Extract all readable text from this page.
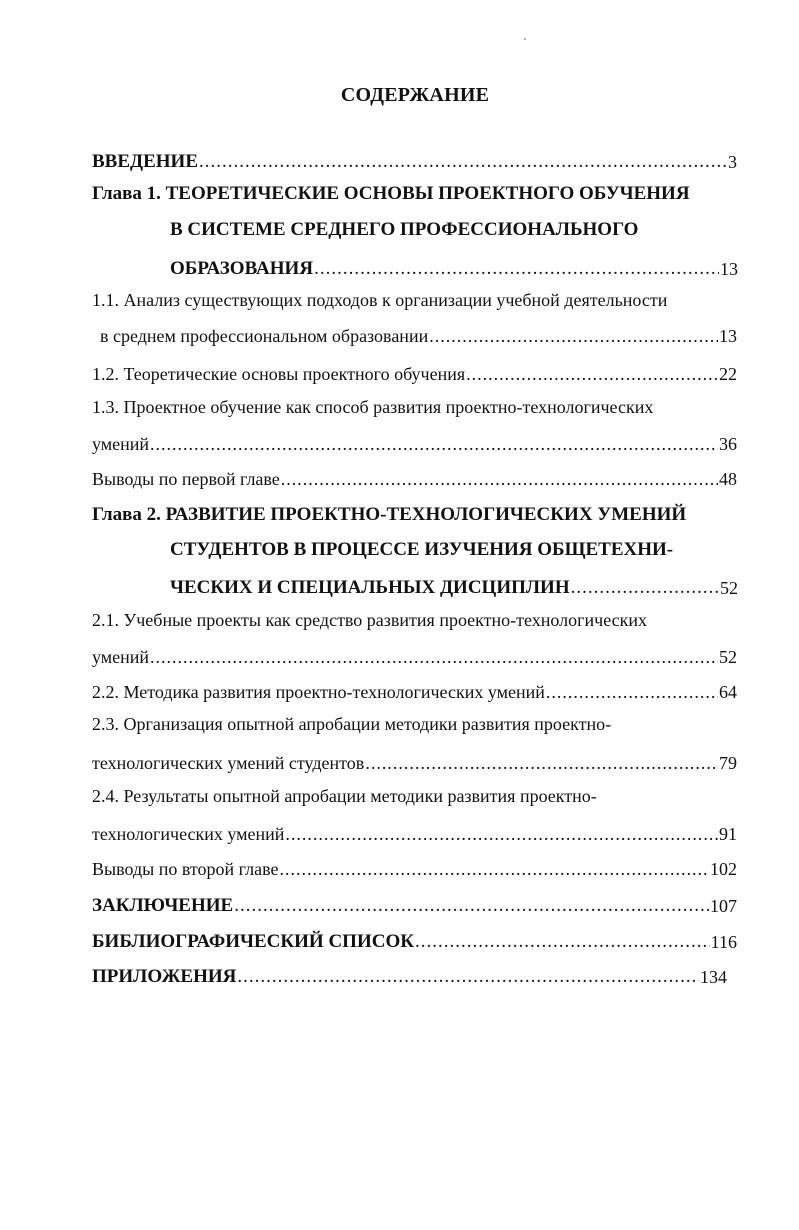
СОДЕРЖАНИЕ
ВВЕДЕНИЕ .....	3
Глава 1. ТЕОРЕТИЧЕСКИЕ ОСНОВЫ ПРОЕКТНОГО ОБУЧЕНИЯ
В СИСТЕМЕ СРЕДНЕГО ПРОФЕССИОНАЛЬНОГО
ОБРАЗОВАНИЯ .....	13
1.1. Анализ существующих подходов к организации учебной деятельности
в среднем профессиональном образовании .....	13
1.2. Теоретические основы проектного обучения .....	22
1.3. Проектное обучение как способ развития проектно-технологических
умений .....	36
Выводы по первой главе .....	48
Глава 2. РАЗВИТИЕ ПРОЕКТНО-ТЕХНОЛОГИЧЕСКИХ УМЕНИЙ
СТУДЕНТОВ В ПРОЦЕССЕ ИЗУЧЕНИЯ ОБЩЕТЕХНИ-
ЧЕСКИХ И СПЕЦИАЛЬНЫХ ДИСЦИПЛИН .....	52
2.1. Учебные проекты как средство развития проектно-технологических
умений .....	52
2.2. Методика развития проектно-технологических умений .....	64
2.3. Организация опытной апробации методики развития проектно-
технологических умений студентов .....	79
2.4. Результаты опытной апробации методики развития проектно-
технологических умений .....	91
Выводы по второй главе .....	102
ЗАКЛЮЧЕНИЕ .....	107
БИБЛИОГРАФИЧЕСКИЙ СПИСОК .....	116
ПРИЛОЖЕНИЯ .....	134
